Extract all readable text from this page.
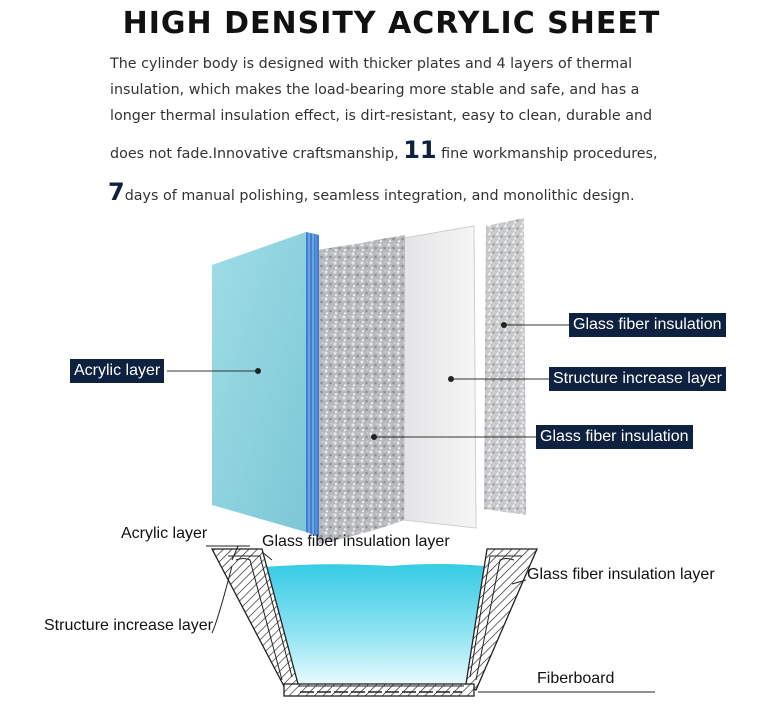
HIGH DENSITY ACRYLIC SHEET
The cylinder body is designed with thicker plates and 4 layers of thermal
insulation, which makes the load-bearing more stable and safe, and has a
longer thermal insulation effect, is dirt-resistant, easy to clean, durable and
does not fade.Innovative craftsmanship, 11 fine workmanship procedures,
7days of manual polishing, seamless integration, and monolithic design.
Acrylic layer
Glass fiber insulation
Structure increase layer
Glass fiber insulation
Acrylic layer	Glass fiber insulation layer
Glass fiber insulation layer
Structure increase layer
Fiberboard
